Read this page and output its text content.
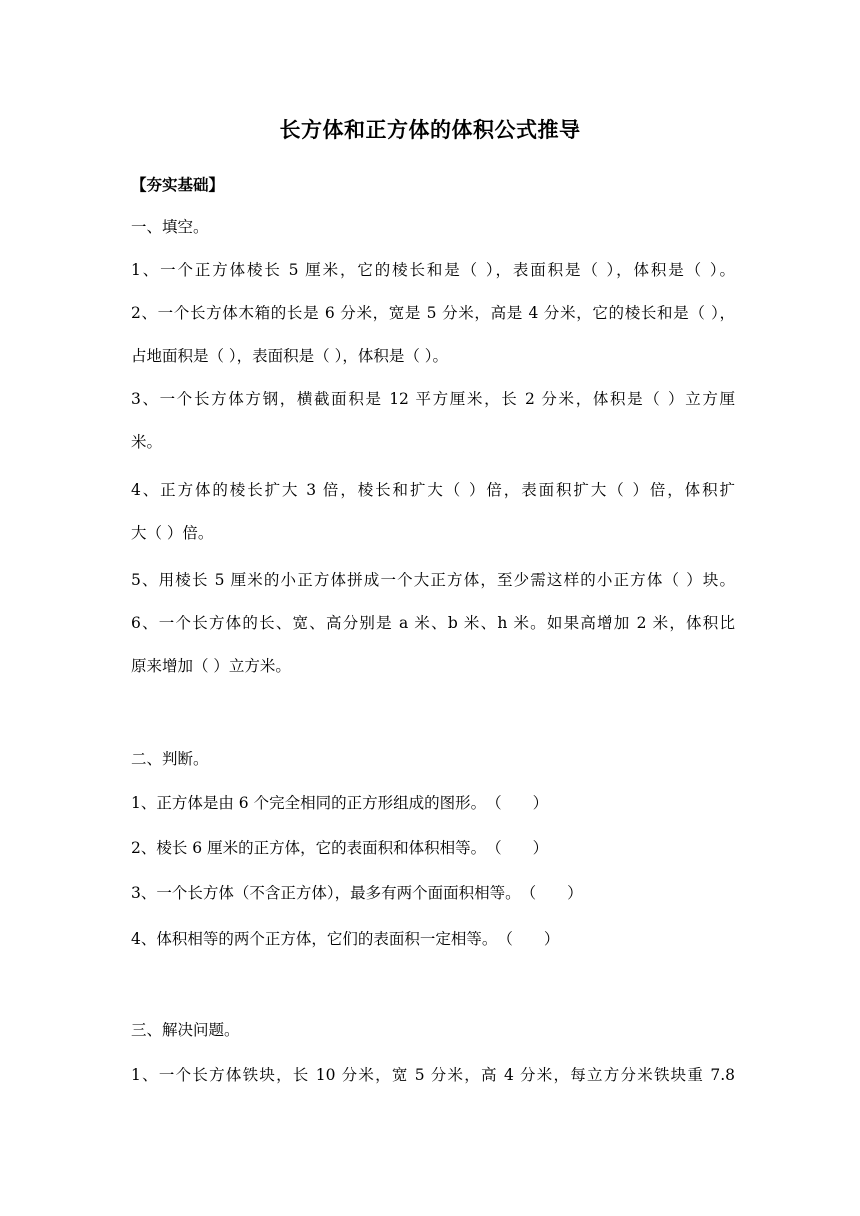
长方体和正方体的体积公式推导
【夯实基础】
一、填空。
1、一个正方体棱长 5 厘米，它的棱长和是（ ），表面积是（ ），体积是（ ）。
2、一个长方体木箱的长是 6 分米，宽是 5 分米，高是 4 分米，它的棱长和是（ ），
占地面积是（ ），表面积是（ ），体积是（ ）。
3、一个长方体方钢，横截面积是 12 平方厘米，长 2 分米，体积是（ ）立方厘
米。
4、正方体的棱长扩大 3 倍，棱长和扩大（ ）倍，表面积扩大（ ）倍，体积扩
大（ ）倍。
5、用棱长 5 厘米的小正方体拼成一个大正方体，至少需这样的小正方体（ ）块。
6、一个长方体的长、宽、高分别是 a 米、b 米、h 米。如果高增加 2 米，体积比
原来增加（ ）立方米。
二、判断。
1、正方体是由 6 个完全相同的正方形组成的图形。　（　　）
2、棱长 6 厘米的正方体，它的表面积和体积相等。　（　　）
3、一个长方体（不含正方体），最多有两个面面积相等。　（　　）
4、体积相等的两个正方体，它们的表面积一定相等。　（　　）
三、解决问题。
1、一个长方体铁块，长 10 分米，宽 5 分米，高 4 分米，每立方分米铁块重 7.8
